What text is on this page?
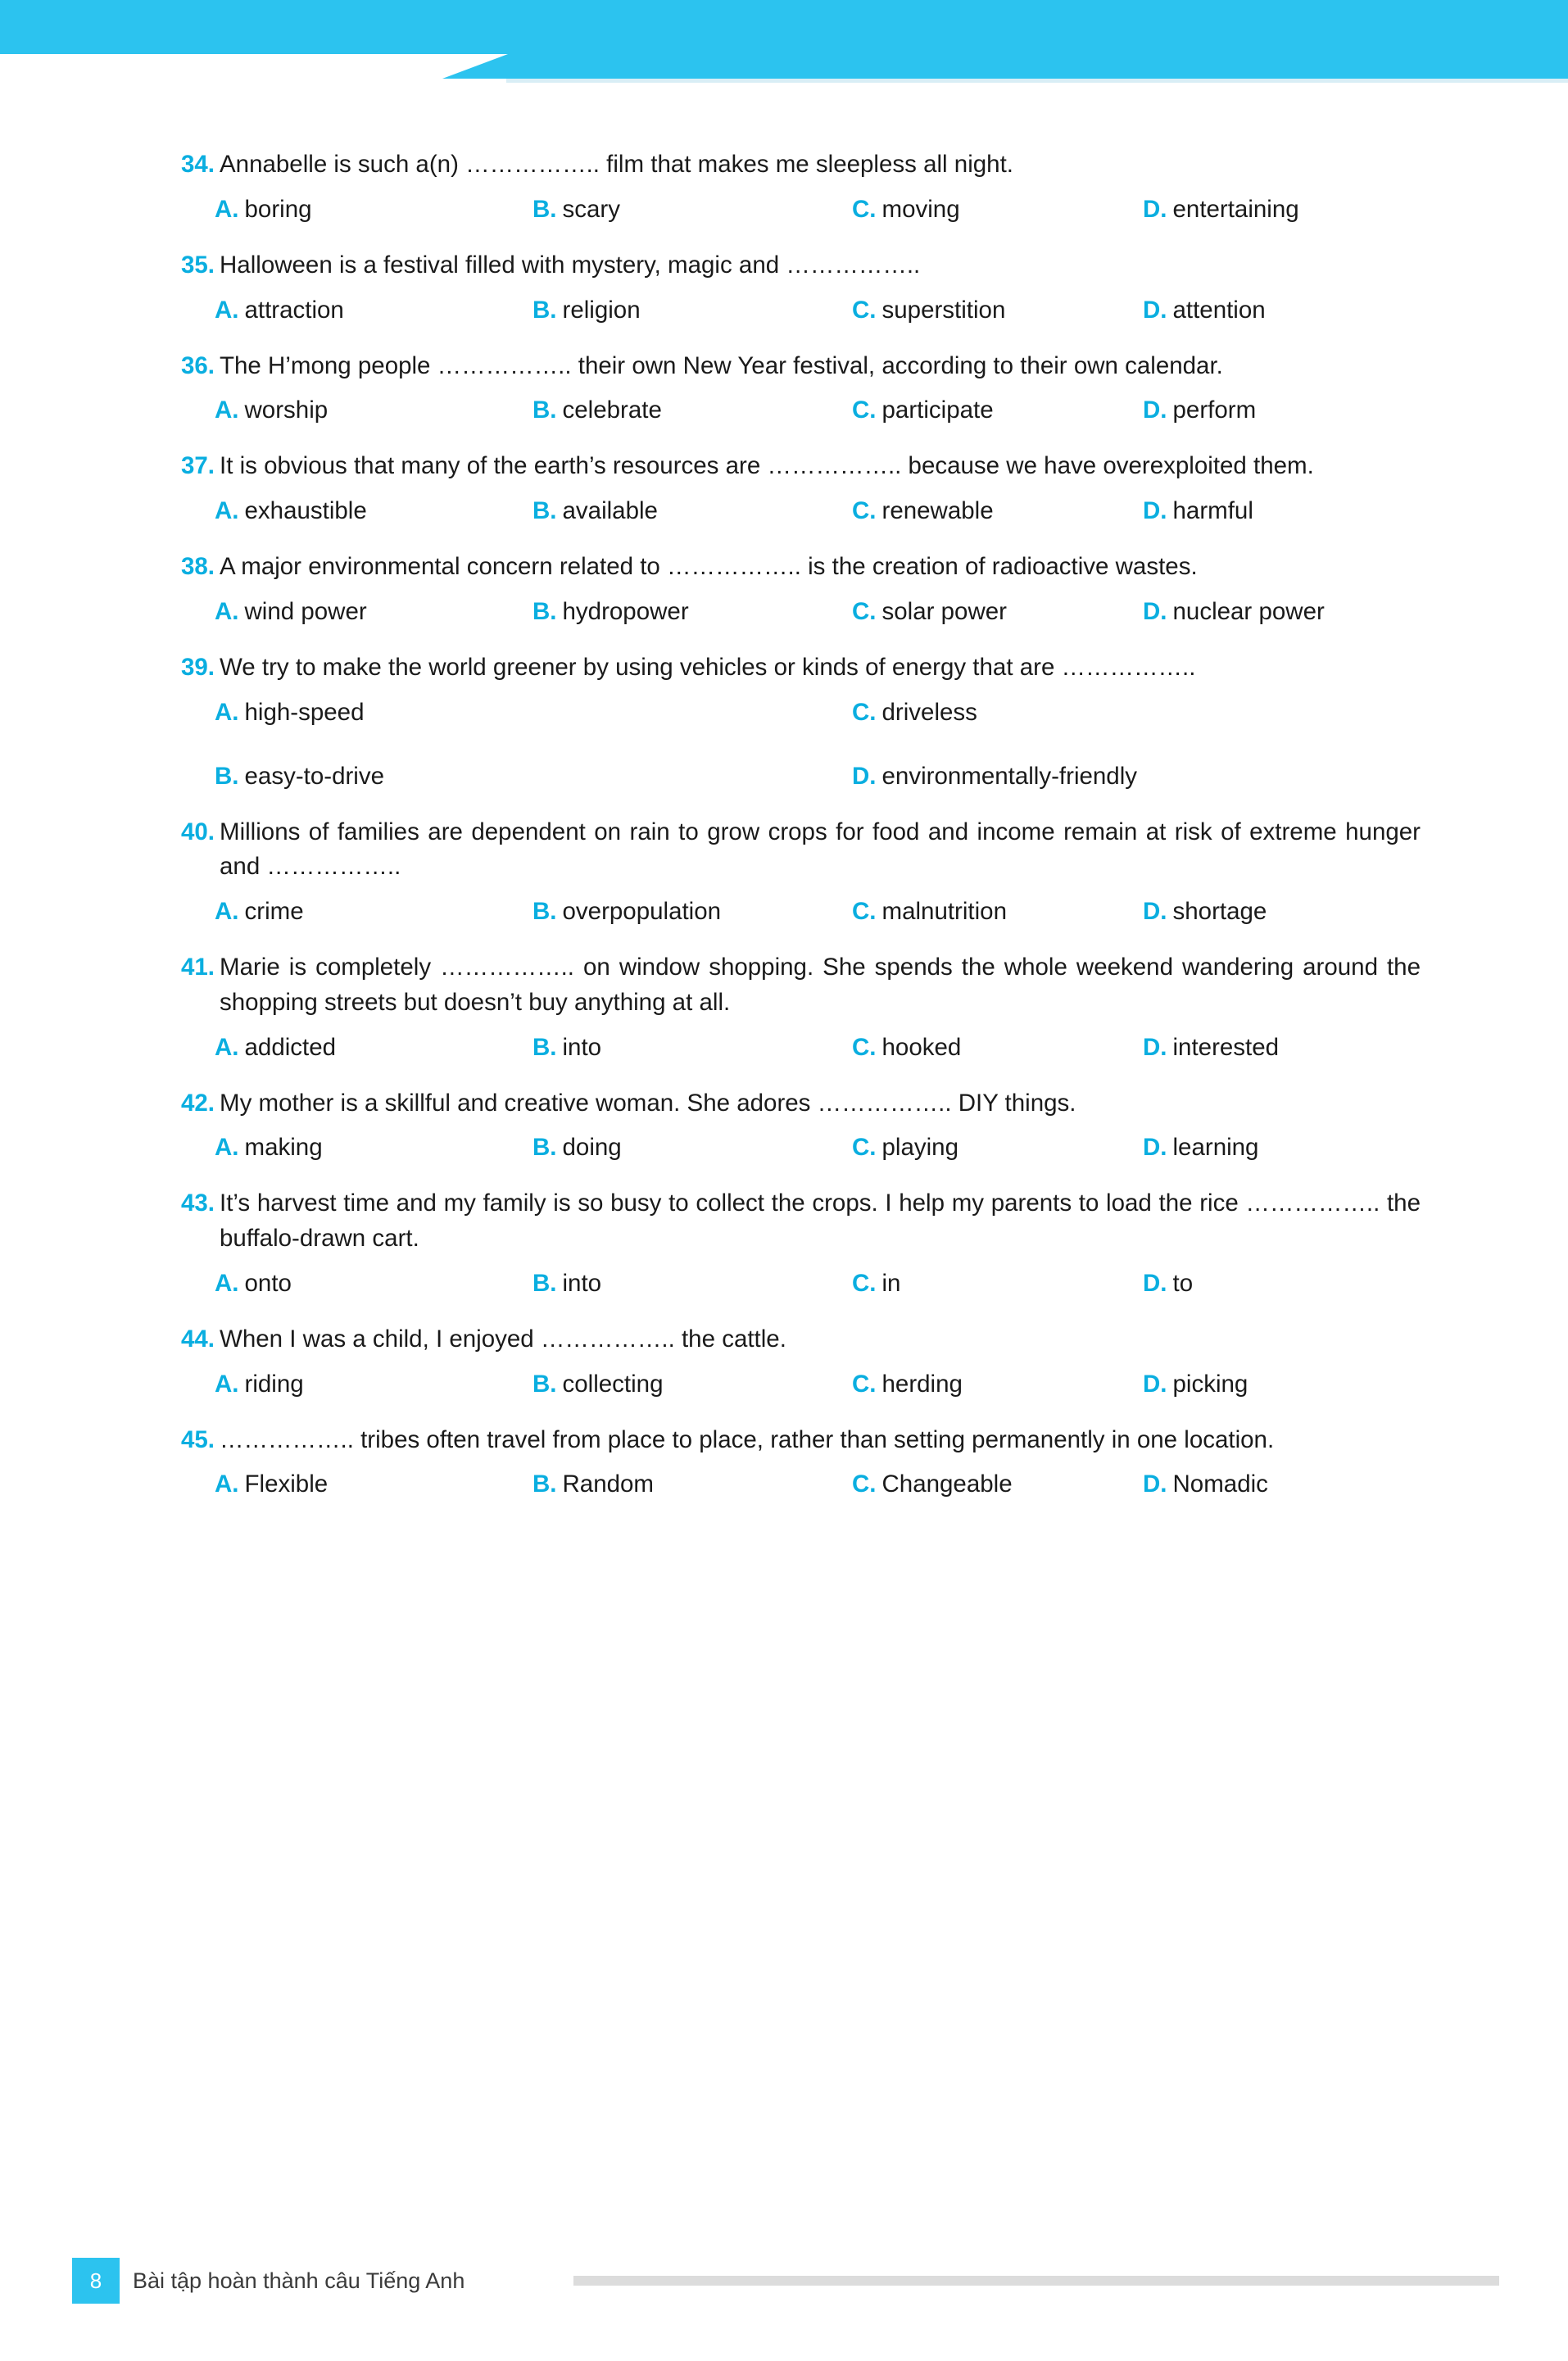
34. Annabelle is such a(n) …………….. film that makes me sleepless all night.
A. boring	B. scary	C. moving	D. entertaining
35. Halloween is a festival filled with mystery, magic and ……………..
A. attraction	B. religion	C. superstition	D. attention
36. The H’mong people …………….. their own New Year festival, according to their own calendar.
A. worship	B. celebrate	C. participate	D. perform
37. It is obvious that many of the earth’s resources are …………….. because we have overexploited them.
A. exhaustible	B. available	C. renewable	D. harmful
38. A major environmental concern related to …………….. is the creation of radioactive wastes.
A. wind power	B. hydropower	C. solar power	D. nuclear power
39. We try to make the world greener by using vehicles or kinds of energy that are ……………..
A. high-speed	C. driveless
B. easy-to-drive	D. environmentally-friendly
40. Millions of families are dependent on rain to grow crops for food and income remain at risk of extreme hunger and ……………..
A. crime	B. overpopulation	C. malnutrition	D. shortage
41. Marie is completely …………….. on window shopping. She spends the whole weekend wandering around the shopping streets but doesn’t buy anything at all.
A. addicted	B. into	C. hooked	D. interested
42. My mother is a skillful and creative woman. She adores …………….. DIY things.
A. making	B. doing	C. playing	D. learning
43. It’s harvest time and my family is so busy to collect the crops. I help my parents to load the rice …………….. the buffalo-drawn cart.
A. onto	B. into	C. in	D. to
44. When I was a child, I enjoyed …………….. the cattle.
A. riding	B. collecting	C. herding	D. picking
45. …………….. tribes often travel from place to place, rather than setting permanently in one location.
A. Flexible	B. Random	C. Changeable	D. Nomadic
8	Bài tập hoàn thành câu Tiếng Anh
